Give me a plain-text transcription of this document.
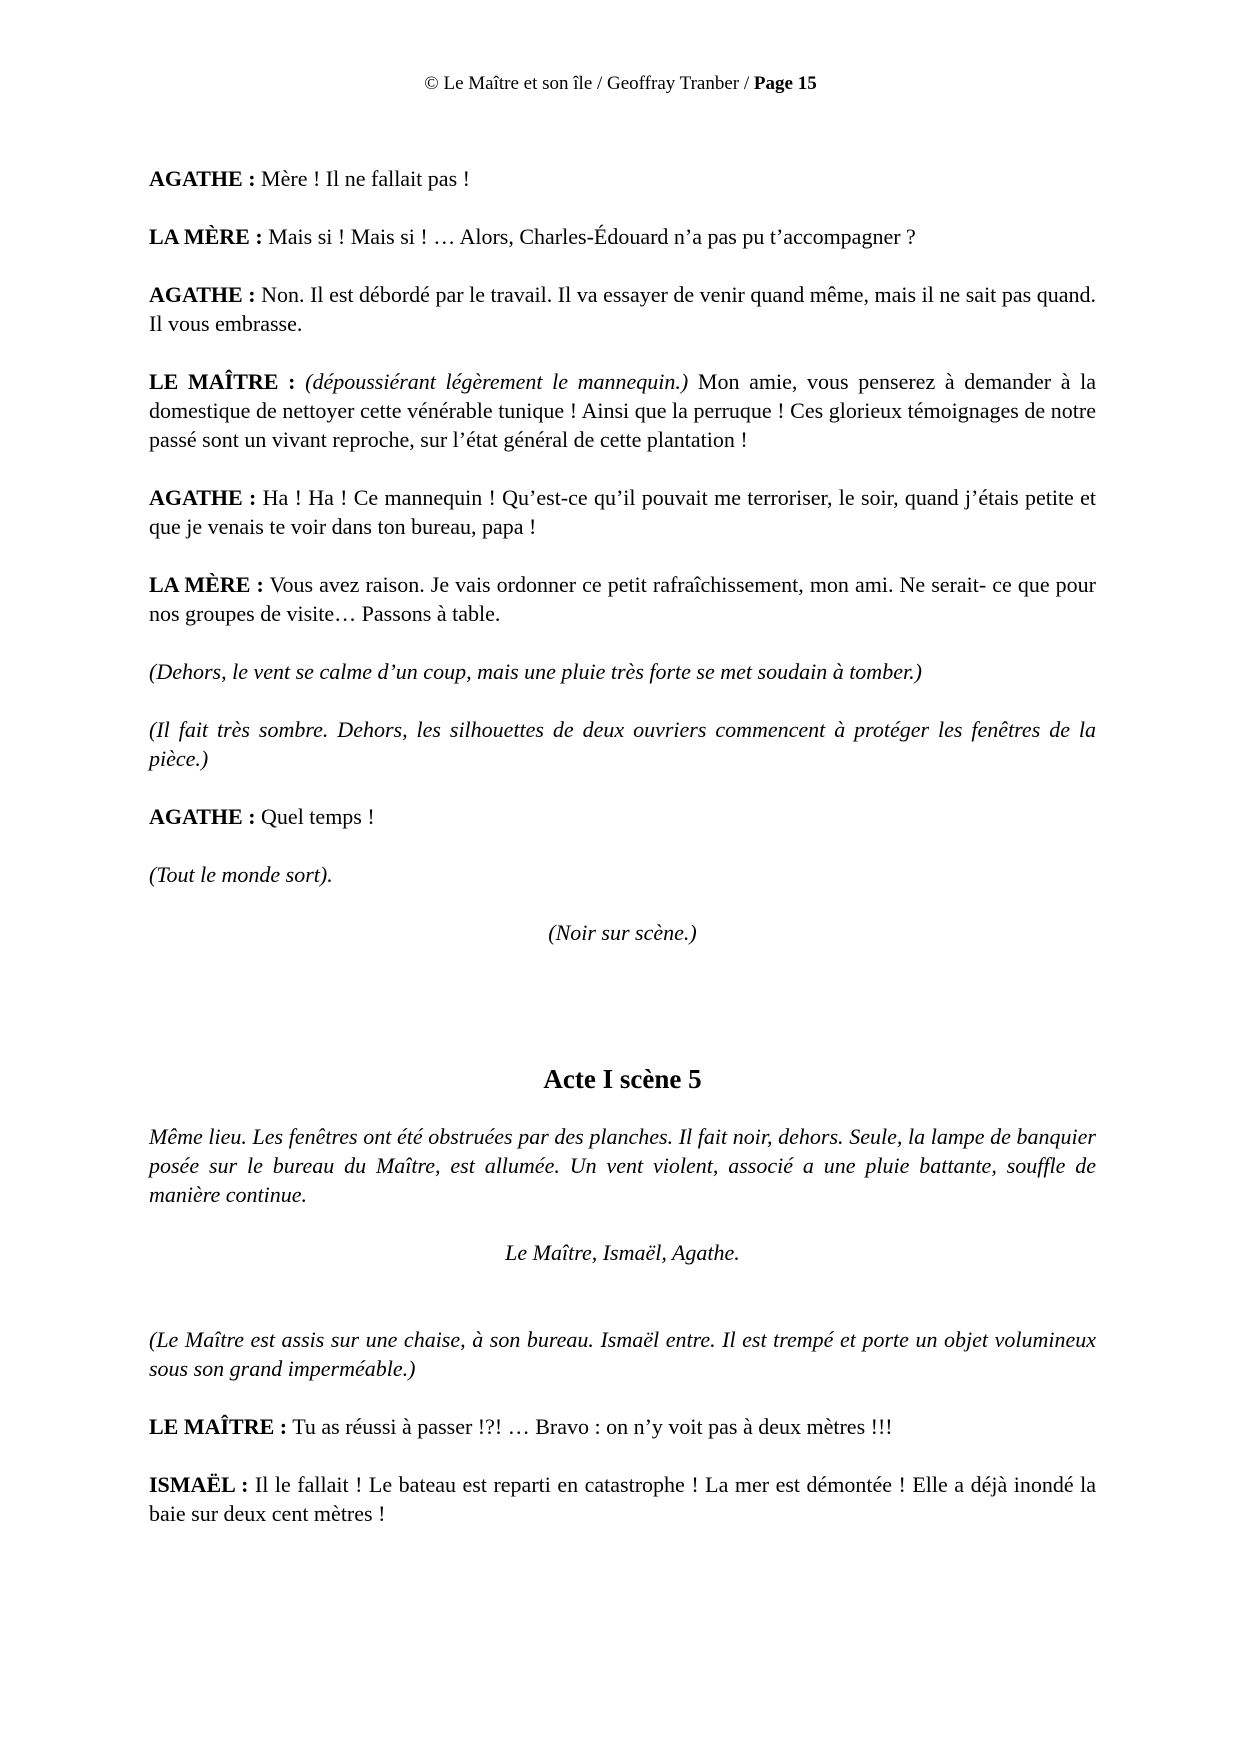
© Le Maître et son île / Geoffray Tranber / Page 15

AGATHE : Mère ! Il ne fallait pas !

LA MÈRE : Mais si ! Mais si ! … Alors, Charles-Édouard n’a pas pu t’accompagner ?

AGATHE : Non. Il est débordé par le travail. Il va essayer de venir quand même, mais il ne sait pas quand. Il vous embrasse.

LE MAÎTRE : (dépoussiérant légèrement le mannequin.) Mon amie, vous penserez à demander à la domestique de nettoyer cette vénérable tunique ! Ainsi que la perruque ! Ces glorieux témoignages de notre passé sont un vivant reproche, sur l’état général de cette plantation !

AGATHE : Ha ! Ha ! Ce mannequin ! Qu’est-ce qu’il pouvait me terroriser, le soir, quand j’étais petite et que je venais te voir dans ton bureau, papa !

LA MÈRE : Vous avez raison. Je vais ordonner ce petit rafraîchissement, mon ami. Ne serait- ce que pour nos groupes de visite… Passons à table.

(Dehors, le vent se calme d’un coup, mais une pluie très forte se met soudain à tomber.)

(Il fait très sombre. Dehors, les silhouettes de deux ouvriers commencent à protéger les fenêtres de la pièce.)

AGATHE : Quel temps !

(Tout le monde sort).

(Noir sur scène.)

Acte I scène 5

Même lieu. Les fenêtres ont été obstruées par des planches. Il fait noir, dehors. Seule, la lampe de banquier posée sur le bureau du Maître, est allumée. Un vent violent, associé a une pluie battante, souffle de manière continue.

Le Maître, Ismaël, Agathe.

(Le Maître est assis sur une chaise, à son bureau. Ismaël entre. Il est trempé et porte un objet volumineux sous son grand imperméable.)

LE MAÎTRE : Tu as réussi à passer !?! … Bravo : on n’y voit pas à deux mètres !!!

ISMAËL : Il le fallait ! Le bateau est reparti en catastrophe ! La mer est démontée ! Elle a déjà inondé la baie sur deux cent mètres !
